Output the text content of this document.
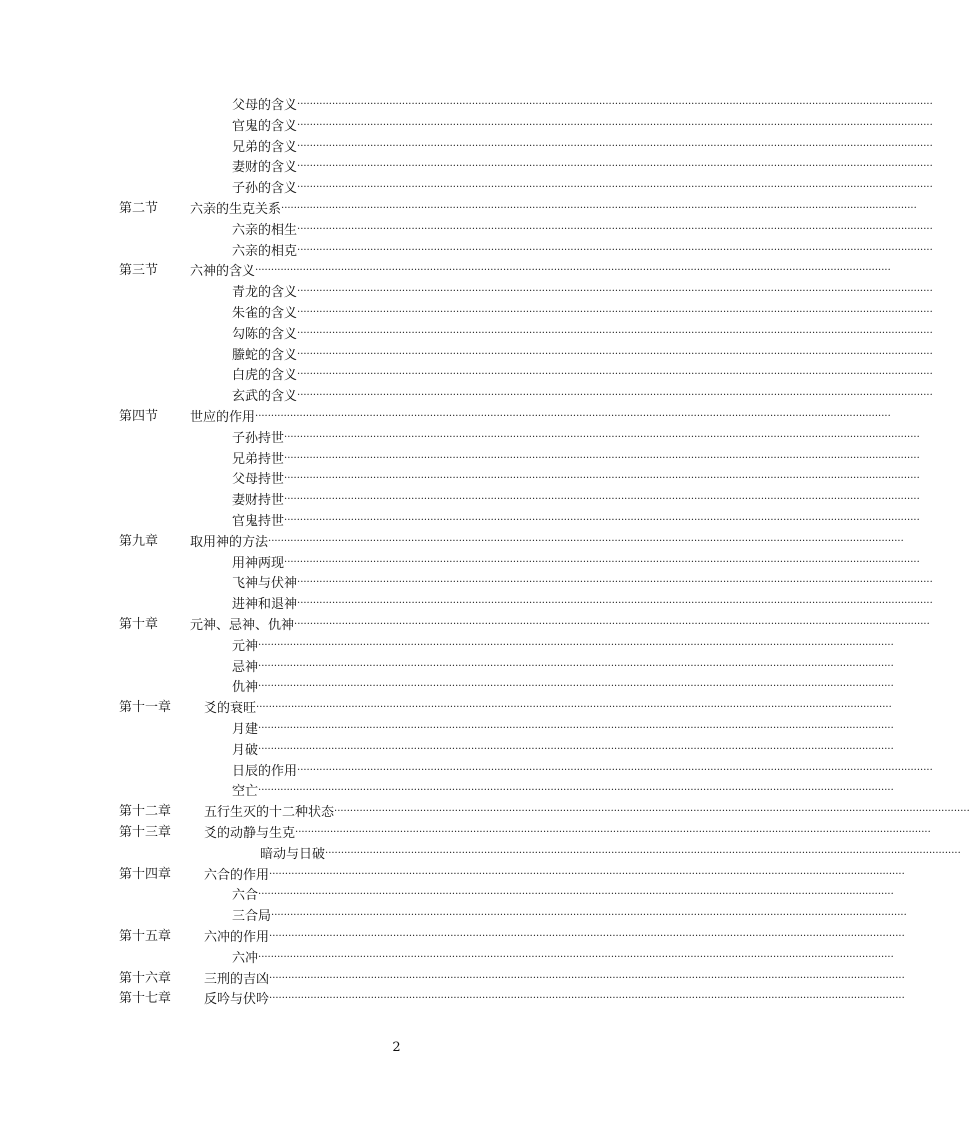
父母的含义········································································································································································································
官鬼的含义········································································································································································································
兄弟的含义········································································································································································································
妻财的含义········································································································································································································
子孙的含义········································································································································································································
第二节 六亲的生克关系········································································································································································································
六亲的相生········································································································································································································
六亲的相克········································································································································································································
第三节 六神的含义········································································································································································································
青龙的含义········································································································································································································
朱雀的含义········································································································································································································
勾陈的含义········································································································································································································
螣蛇的含义········································································································································································································
白虎的含义········································································································································································································
玄武的含义········································································································································································································
第四节 世应的作用········································································································································································································
子孙持世········································································································································································································
兄弟持世········································································································································································································
父母持世········································································································································································································
妻财持世········································································································································································································
官鬼持世········································································································································································································
第九章 取用神的方法········································································································································································································
用神两现········································································································································································································
飞神与伏神········································································································································································································
进神和退神········································································································································································································
第十章 元神、忌神、仇神········································································································································································································
元神········································································································································································································
忌神········································································································································································································
仇神········································································································································································································
第十一章	爻的衰旺········································································································································································································
月建········································································································································································································
月破········································································································································································································
日辰的作用········································································································································································································
空亡········································································································································································································
第十二章	五行生灭的十二种状态········································································································································································································
第十三章	爻的动静与生克········································································································································································································
暗动与日破········································································································································································································
第十四章	六合的作用········································································································································································································
六合········································································································································································································
三合局········································································································································································································
第十五章	六冲的作用········································································································································································································
六冲········································································································································································································
第十六章	三刑的吉凶········································································································································································································
第十七章	反吟与伏吟········································································································································································································
2
